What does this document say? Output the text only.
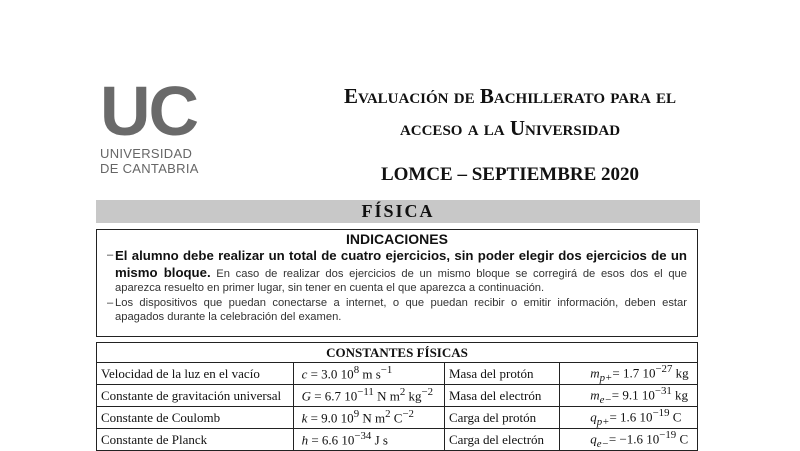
UC
UNIVERSIDAD
DE CANTABRIA
Evaluación de Bachillerato para el
acceso a la Universidad
LOMCE – SEPTIEMBRE 2020
FÍSICA
INDICACIONES
– El alumno debe realizar un total de cuatro ejercicios, sin poder elegir dos ejercicios de un mismo bloque. En caso de realizar dos ejercicios de un mismo bloque se corregirá de esos dos el que aparezca resuelto en primer lugar, sin tener en cuenta el que aparezca a continuación.
– Los dispositivos que puedan conectarse a internet, o que puedan recibir o emitir información, deben estar apagados durante la celebración del examen.
CONSTANTES FÍSICAS			
Velocidad de la luz en el vacío	c = 3.0 $10^8$ m $s^{-1}$	Masa del protón	$m_{p+}= 1.7$ $10^{-27}$ kg
Constante de gravitación universal	G = 6.7 $10^{-11}$ N $m^2$ $kg^{-2}$	Masa del electrón	$m_{e-}= 9.1$ $10^{-31}$ kg
Constante de Coulomb	k = 9.0 $10^9$ N $m^2$ $C^{-2}$	Carga del protón	$q_{p+}= 1.6$ $10^{-19}$ C
Constante de Planck	h = 6.6 $10^{-34}$ J s	Carga del electrón	$q_{e-}= -1.6$ $10^{-19}$ C
